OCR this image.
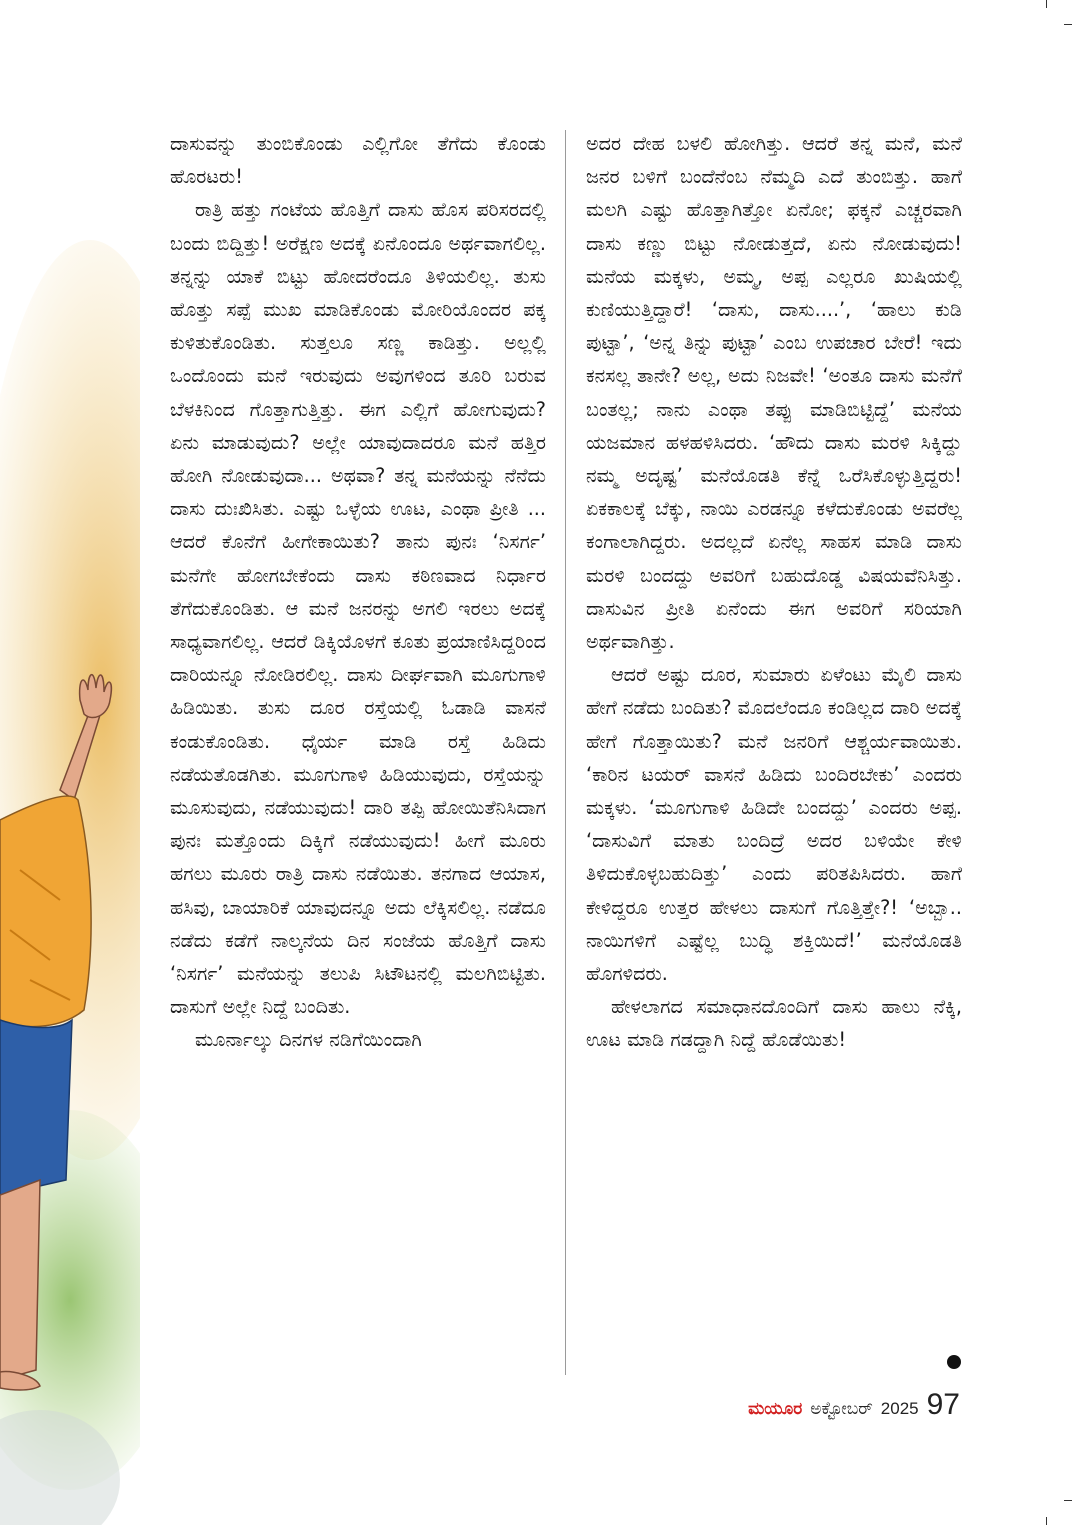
ದಾಸುವನ್ನು ತುಂಬಿಕೊಂಡು ಎಲ್ಲಿಗೋ ತೆಗೆದು ಕೊಂಡು ಹೊರಟರು!

ರಾತ್ರಿ ಹತ್ತು ಗಂಟೆಯ ಹೊತ್ತಿಗೆ ದಾಸು ಹೊಸ ಪರಿಸರದಲ್ಲಿ ಬಂದು ಬಿದ್ದಿತ್ತು! ಅರೆಕ್ಷಣ ಅದಕ್ಕೆ ಏನೊಂದೂ ಅರ್ಥವಾಗಲಿಲ್ಲ. ತನ್ನನ್ನು ಯಾಕೆ ಬಿಟ್ಟು ಹೋದರೆಂದೂ ತಿಳಿಯಲಿಲ್ಲ. ತುಸು ಹೊತ್ತು ಸಪ್ಪೆ ಮುಖ ಮಾಡಿಕೊಂಡು ಮೋರಿಯೊಂದರ ಪಕ್ಕ ಕುಳಿತುಕೊಂಡಿತು. ಸುತ್ತಲೂ ಸಣ್ಣ ಕಾಡಿತ್ತು. ಅಲ್ಲಲ್ಲಿ ಒಂದೊಂದು ಮನೆ ಇರುವುದು ಅವುಗಳಿಂದ ತೂರಿ ಬರುವ ಬೆಳಕಿನಿಂದ ಗೊತ್ತಾಗುತ್ತಿತ್ತು. ಈಗ ಎಲ್ಲಿಗೆ ಹೋಗುವುದು? ಏನು ಮಾಡುವುದು? ಅಲ್ಲೇ ಯಾವುದಾದರೂ ಮನೆ ಹತ್ತಿರ ಹೋಗಿ ನೋಡುವುದಾ... ಅಥವಾ? ತನ್ನ ಮನೆಯನ್ನು ನೆನೆದು ದಾಸು ದುಃಖಿಸಿತು. ಎಷ್ಟು ಒಳ್ಳೆಯ ಊಟ, ಎಂಥಾ ಪ್ರೀತಿ ... ಆದರೆ ಕೊನೆಗೆ ಹೀಗೇಕಾಯಿತು? ತಾನು ಪುನಃ ‘ನಿಸರ್ಗ’ ಮನೆಗೇ ಹೋಗಬೇಕೆಂದು ದಾಸು ಕಠಿಣವಾದ ನಿರ್ಧಾರ ತೆಗೆದುಕೊಂಡಿತು. ಆ ಮನೆ ಜನರನ್ನು ಅಗಲಿ ಇರಲು ಅದಕ್ಕೆ ಸಾಧ್ಯವಾಗಲಿಲ್ಲ. ಆದರೆ ಡಿಕ್ಕಿಯೊಳಗೆ ಕೂತು ಪ್ರಯಾಣಿಸಿದ್ದರಿಂದ ದಾರಿಯನ್ನೂ ನೋಡಿರಲಿಲ್ಲ. ದಾಸು ದೀರ್ಘವಾಗಿ ಮೂಗುಗಾಳಿ ಹಿಡಿಯಿತು. ತುಸು ದೂರ ರಸ್ತೆಯಲ್ಲಿ ಓಡಾಡಿ ವಾಸನೆ ಕಂಡುಕೊಂಡಿತು. ಧೈರ್ಯ ಮಾಡಿ ರಸ್ತೆ ಹಿಡಿದು ನಡೆಯತೊಡಗಿತು. ಮೂಗುಗಾಳಿ ಹಿಡಿಯುವುದು, ರಸ್ತೆಯನ್ನು ಮೂಸುವುದು, ನಡೆಯುವುದು! ದಾರಿ ತಪ್ಪಿ ಹೋಯಿತೆನಿಸಿದಾಗ ಪುನಃ ಮತ್ತೊಂದು ದಿಕ್ಕಿಗೆ ನಡೆಯುವುದು! ಹೀಗೆ ಮೂರು ಹಗಲು ಮೂರು ರಾತ್ರಿ ದಾಸು ನಡೆಯಿತು. ತನಗಾದ ಆಯಾಸ, ಹಸಿವು, ಬಾಯಾರಿಕೆ ಯಾವುದನ್ನೂ ಅದು ಲೆಕ್ಕಿಸಲಿಲ್ಲ. ನಡೆದೂ ನಡೆದು ಕಡೆಗೆ ನಾಲ್ಕನೆಯ ದಿನ ಸಂಜೆಯ ಹೊತ್ತಿಗೆ ದಾಸು ‘ನಿಸರ್ಗ’ ಮನೆಯನ್ನು ತಲುಪಿ ಸಿಟೌಟನಲ್ಲಿ ಮಲಗಿಬಿಟ್ಟಿತು. ದಾಸುಗೆ ಅಲ್ಲೇ ನಿದ್ದೆ ಬಂದಿತು.

ಮೂರ್ನಾಲ್ಕು ದಿನಗಳ ನಡಿಗೆಯಿಂದಾಗಿ

ಅದರ ದೇಹ ಬಳಲಿ ಹೋಗಿತ್ತು. ಆದರೆ ತನ್ನ ಮನೆ, ಮನೆ ಜನರ ಬಳಿಗೆ ಬಂದೆನೆಂಬ ನೆಮ್ಮದಿ ಎದೆ ತುಂಬಿತ್ತು. ಹಾಗೆ ಮಲಗಿ ಎಷ್ಟು ಹೊತ್ತಾಗಿತ್ತೋ ಏನೋ; ಫಕ್ಕನೆ ಎಚ್ಚರವಾಗಿ ದಾಸು ಕಣ್ಣು ಬಿಟ್ಟು ನೋಡುತ್ತದೆ, ಏನು ನೋಡುವುದು! ಮನೆಯ ಮಕ್ಕಳು, ಅಮ್ಮ, ಅಪ್ಪ ಎಲ್ಲರೂ ಖುಷಿಯಲ್ಲಿ ಕುಣಿಯುತ್ತಿದ್ದಾರೆ! ‘ದಾಸು, ದಾಸು....’, ‘ಹಾಲು ಕುಡಿ ಪುಟ್ಟಾ’, ‘ಅನ್ನ ತಿನ್ನು ಪುಟ್ಟಾ’ ಎಂಬ ಉಪಚಾರ ಬೇರೆ! ಇದು ಕನಸಲ್ಲ ತಾನೇ? ಅಲ್ಲ, ಅದು ನಿಜವೇ! ‘ಅಂತೂ ದಾಸು ಮನೆಗೆ ಬಂತಲ್ಲ; ನಾನು ಎಂಥಾ ತಪ್ಪು ಮಾಡಿಬಿಟ್ಟಿದ್ದೆ’ ಮನೆಯ ಯಜಮಾನ ಹಳಹಳಿಸಿದರು. ‘ಹೌದು ದಾಸು ಮರಳಿ ಸಿಕ್ಕಿದ್ದು ನಮ್ಮ ಅದೃಷ್ಟ’ ಮನೆಯೊಡತಿ ಕೆನ್ನೆ ಒರೆಸಿಕೊಳ್ಳುತ್ತಿದ್ದರು! ಏಕಕಾಲಕ್ಕೆ ಬೆಕ್ಕು, ನಾಯಿ ಎರಡನ್ನೂ ಕಳೆದುಕೊಂಡು ಅವರೆಲ್ಲ ಕಂಗಾಲಾಗಿದ್ದರು. ಅದಲ್ಲದೆ ಏನೆಲ್ಲ ಸಾಹಸ ಮಾಡಿ ದಾಸು ಮರಳಿ ಬಂದದ್ದು ಅವರಿಗೆ ಬಹುದೊಡ್ಡ ವಿಷಯವೆನಿಸಿತ್ತು. ದಾಸುವಿನ ಪ್ರೀತಿ ಏನೆಂದು ಈಗ ಅವರಿಗೆ ಸರಿಯಾಗಿ ಅರ್ಥವಾಗಿತ್ತು.

ಆದರೆ ಅಷ್ಟು ದೂರ, ಸುಮಾರು ಏಳೆಂಟು ಮೈಲಿ ದಾಸು ಹೇಗೆ ನಡೆದು ಬಂದಿತು? ಮೊದಲೆಂದೂ ಕಂಡಿಲ್ಲದ ದಾರಿ ಅದಕ್ಕೆ ಹೇಗೆ ಗೊತ್ತಾಯಿತು? ಮನೆ ಜನರಿಗೆ ಆಶ್ಚರ್ಯವಾಯಿತು. ‘ಕಾರಿನ ಟಯರ್ ವಾಸನೆ ಹಿಡಿದು ಬಂದಿರಬೇಕು’ ಎಂದರು ಮಕ್ಕಳು. ‘ಮೂಗುಗಾಳಿ ಹಿಡಿದೇ ಬಂದದ್ದು’ ಎಂದರು ಅಪ್ಪ. ‘ದಾಸುವಿಗೆ ಮಾತು ಬಂದಿದ್ರೆ ಅದರ ಬಳಿಯೇ ಕೇಳಿ ತಿಳಿದುಕೊಳ್ಳಬಹುದಿತ್ತು’ ಎಂದು ಪರಿತಪಿಸಿದರು. ಹಾಗೆ ಕೇಳಿದ್ದರೂ ಉತ್ತರ ಹೇಳಲು ದಾಸುಗೆ ಗೊತ್ತಿತ್ತೇ?! ‘ಅಬ್ಬಾ.. ನಾಯಿಗಳಿಗೆ ಎಷ್ಟೆಲ್ಲ ಬುದ್ಧಿ ಶಕ್ತಿಯಿದೆ!’ ಮನೆಯೊಡತಿ ಹೊಗಳಿದರು.

ಹೇಳಲಾಗದ ಸಮಾಧಾನದೊಂದಿಗೆ ದಾಸು ಹಾಲು ನೆಕ್ಕಿ, ಊಟ ಮಾಡಿ ಗಡದ್ದಾಗಿ ನಿದ್ದೆ ಹೊಡೆಯಿತು!

ಮಯೂರ ಅಕ್ಟೋಬರ್ 2025 97
